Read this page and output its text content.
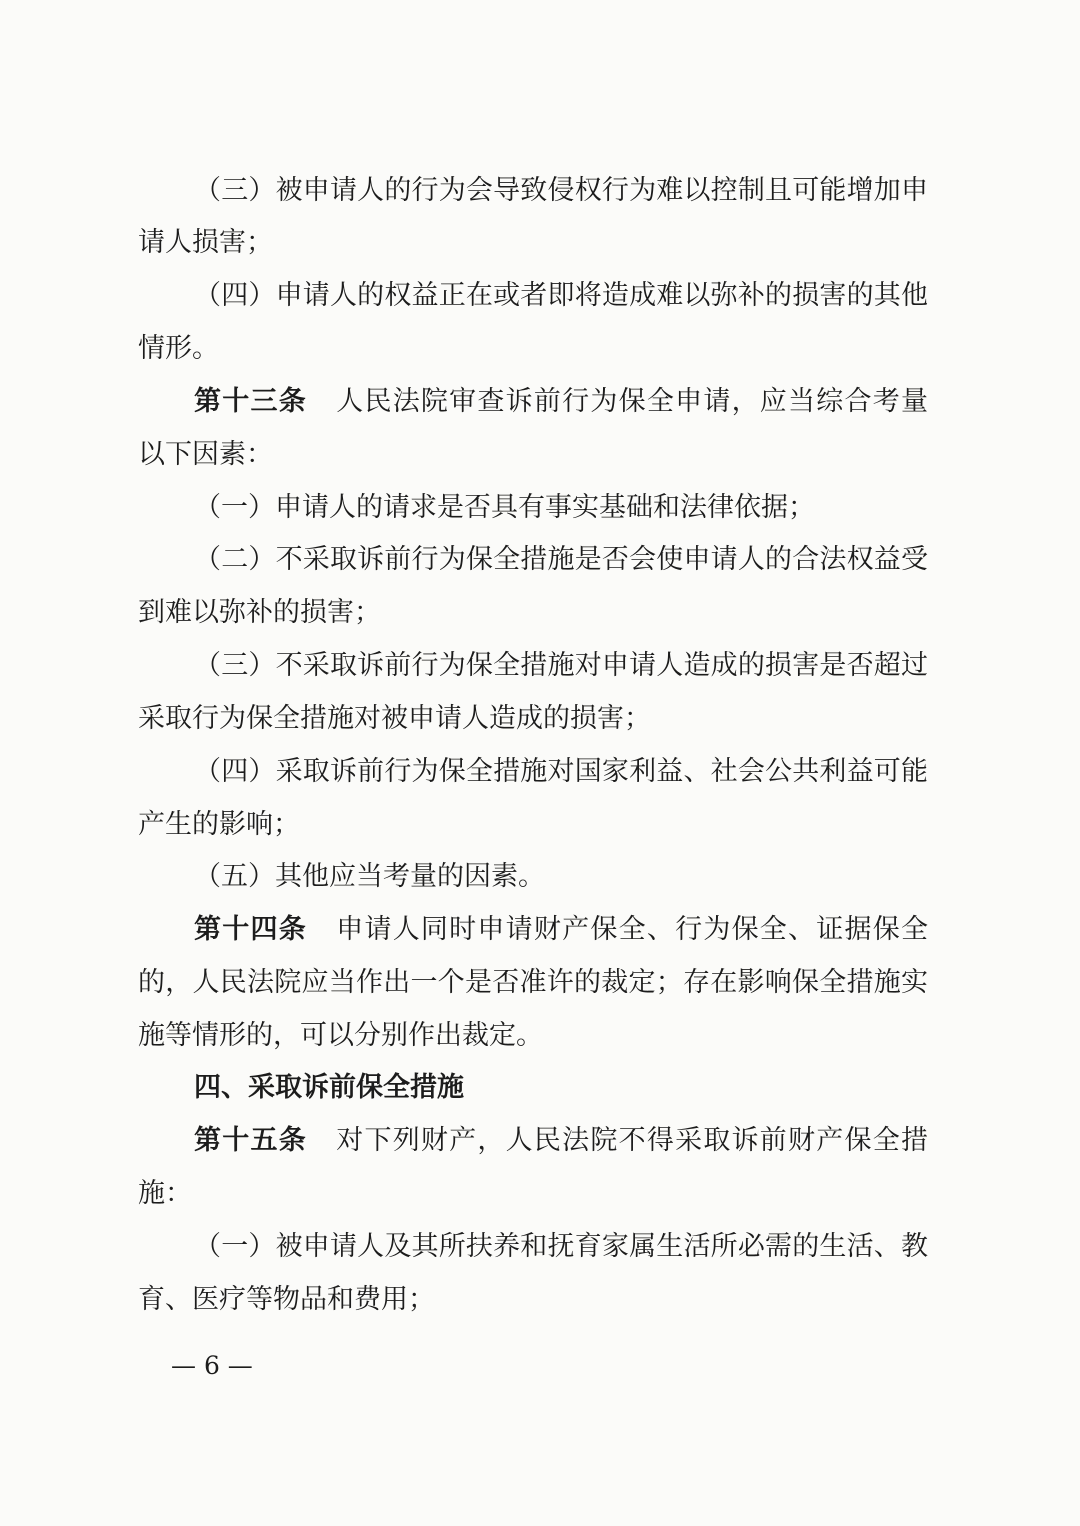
（三）被申请人的行为会导致侵权行为难以控制且可能增加申
请人损害；
（四）申请人的权益正在或者即将造成难以弥补的损害的其他
情形。
第十三条 人民法院审查诉前行为保全申请，应当综合考量
以下因素：
（一）申请人的请求是否具有事实基础和法律依据；
（二）不采取诉前行为保全措施是否会使申请人的合法权益受
到难以弥补的损害；
（三）不采取诉前行为保全措施对申请人造成的损害是否超过
采取行为保全措施对被申请人造成的损害；
（四）采取诉前行为保全措施对国家利益、社会公共利益可能
产生的影响；
（五）其他应当考量的因素。
第十四条 申请人同时申请财产保全、行为保全、证据保全
的，人民法院应当作出一个是否准许的裁定；存在影响保全措施实
施等情形的，可以分别作出裁定。
四、采取诉前保全措施
第十五条 对下列财产，人民法院不得采取诉前财产保全措
施：
（一）被申请人及其所扶养和抚育家属生活所必需的生活、教
育、医疗等物品和费用；
— 6 —
